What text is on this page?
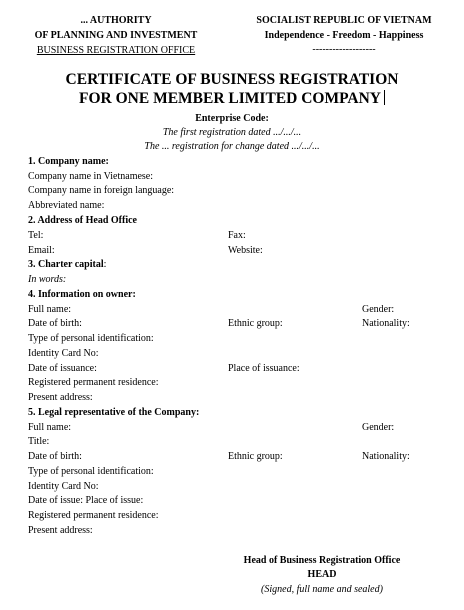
... AUTHORITY
OF PLANNING AND INVESTMENT
BUSINESS REGISTRATION OFFICE
SOCIALIST REPUBLIC OF VIETNAM
Independence - Freedom - Happiness
-------------------
CERTIFICATE OF BUSINESS REGISTRATION
FOR ONE MEMBER LIMITED COMPANY
Enterprise Code:
The first registration dated .../.../...
The ... registration for change dated .../.../...
1. Company name:
Company name in Vietnamese:
Company name in foreign language:
Abbreviated name:
2. Address of Head Office
Tel:	Fax:
Email:	Website:
3. Charter capital:
In words:
4. Information on owner:
Full name:	Gender:
Date of birth:	Ethnic group:	Nationality:
Type of personal identification:
Identity Card No:
Date of issuance:	Place of issuance:
Registered permanent residence:
Present address:
5. Legal representative of the Company:
Full name:	Gender:
Title:
Date of birth:	Ethnic group:	Nationality:
Type of personal identification:
Identity Card No:
Date of issue: Place of issue:
Registered permanent residence:
Present address:
Head of Business Registration Office
HEAD
(Signed, full name and sealed)
